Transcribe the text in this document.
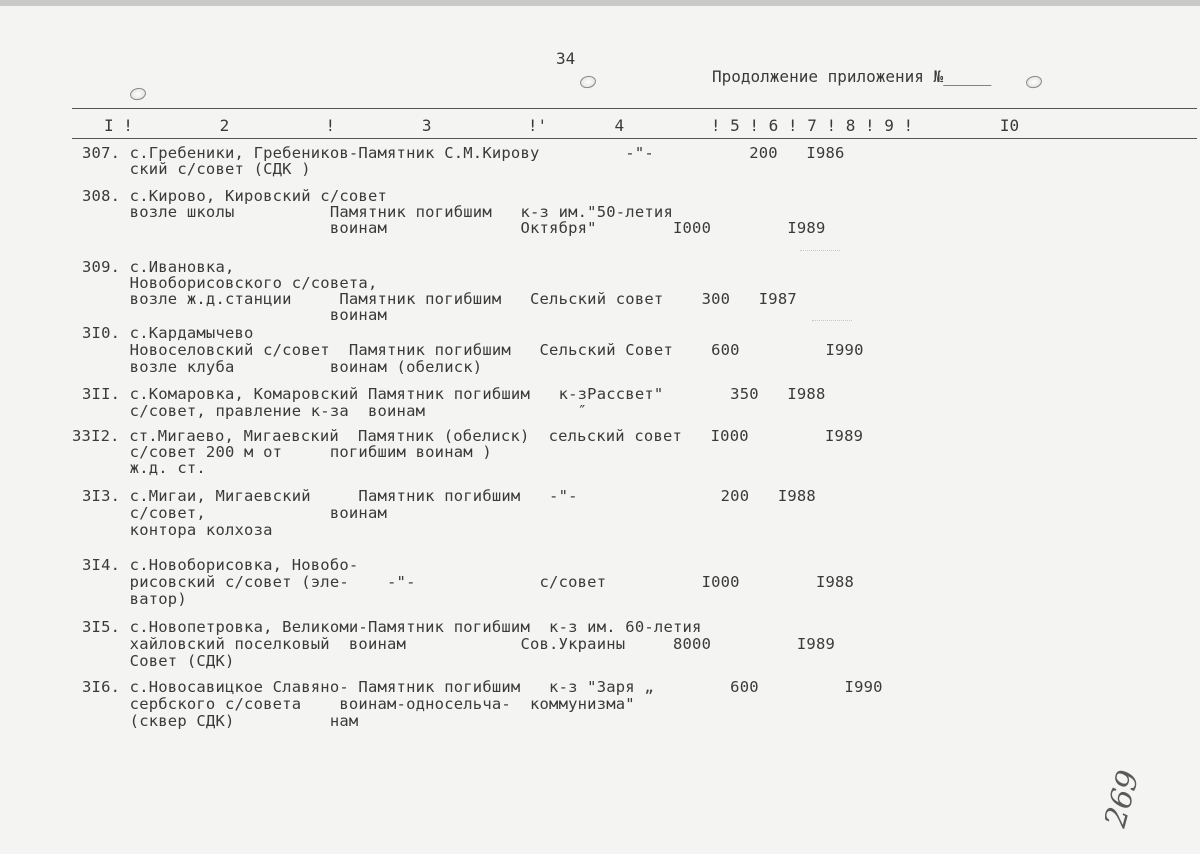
34
Продолжение приложения №_____
I !         2          !         3          !'       4         ! 5 ! 6 ! 7 ! 8 ! 9 !         I0
307. с.Гребеники, Гребеников-Памятник С.М.Кирову         -"-          200   I986
ский с/совет (СДК )
308. с.Кирово, Кировский с/совет
возле школы          Памятник погибшим   к-з им."50-летия
воинам              Октября"        I000        I989
309. с.Ивановка,
Новоборисовского с/совета,
возле ж.д.станции     Памятник погибшим   Сельский совет    300   I987
воинам
3I0. с.Кардамычево
Новоселовский с/совет  Памятник погибшим   Сельский Совет    600         I990
возле клуба          воинам (обелиск)
3II. с.Комаровка, Комаровский Памятник погибшим   к-зРассвет"       350   I988
с/совет, правление к-за  воинам                ″
33I2. ст.Мигаево, Мигаевский  Памятник (обелиск)  сельский совет   I000        I989
с/совет 200 м от     погибшим воинам )
ж.д. ст.
3I3. с.Мигаи, Мигаевский     Памятник погибшим   -"-               200   I988
с/совет,             воинам
контора колхоза
3I4. с.Новоборисовка, Новобо-
рисовский с/совет (эле-    -"-             с/совет          I000        I988
ватор)
3I5. с.Новопетровка, Великоми-Памятник погибшим  к-з им. 60-летия
хайловский поселковый  воинам            Сов.Украины     8000         I989
Совет (СДК)
3I6. с.Новосавицкое Славяно- Памятник погибшим   к-з "Заря „        600         I990
сербского с/совета    воинам-односельча-  коммунизма"
(сквер СДК)          нам
269
